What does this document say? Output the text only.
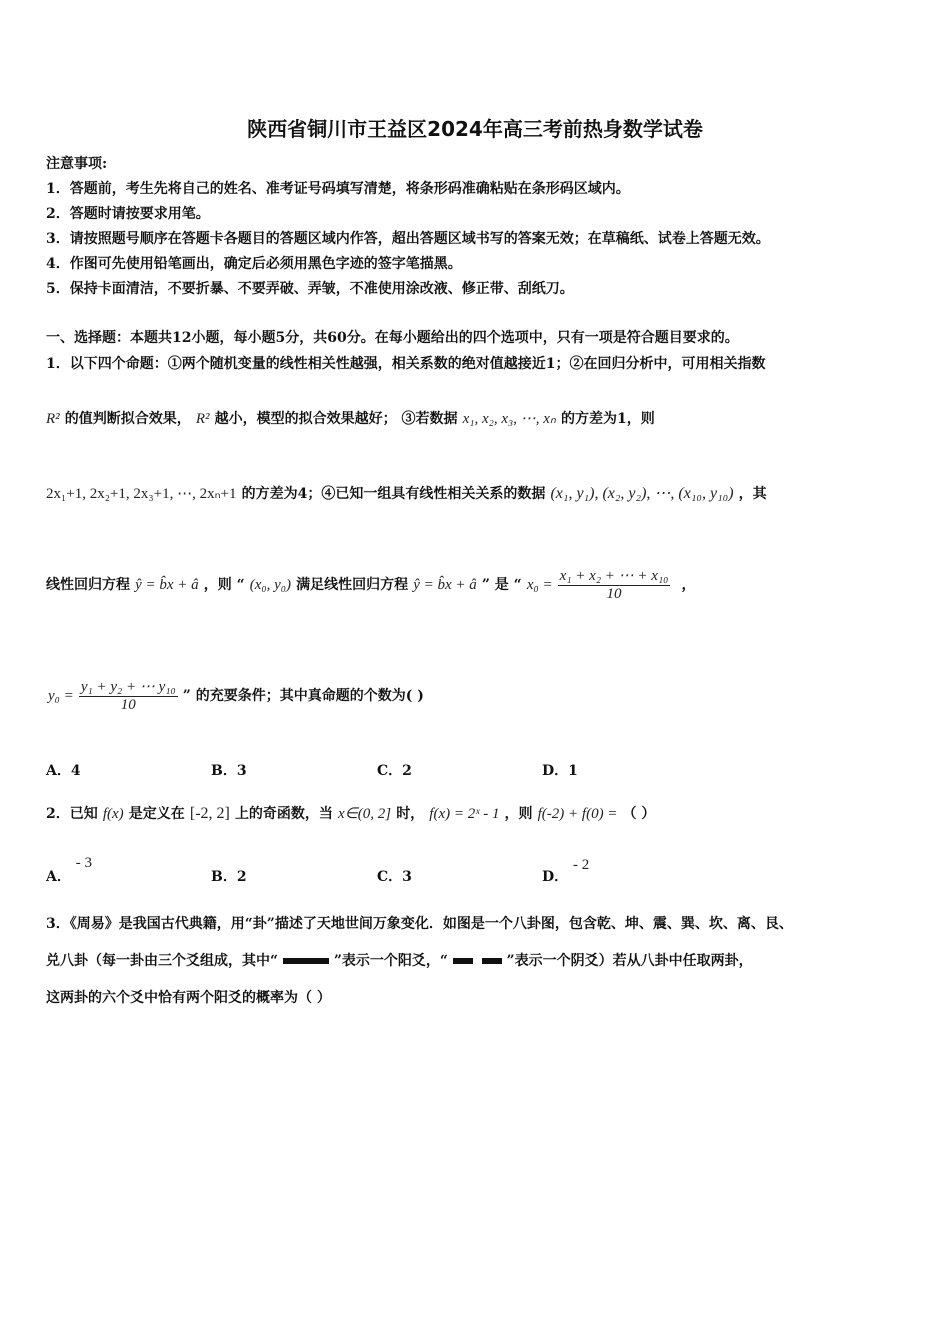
陕西省铜川市王益区2024年高三考前热身数学试卷
注意事项:
1．答题前，考生先将自己的姓名、准考证号码填写清楚，将条形码准确粘贴在条形码区域内。
2．答题时请按要求用笔。
3．请按照题号顺序在答题卡各题目的答题区域内作答，超出答题区域书写的答案无效；在草稿纸、试卷上答题无效。
4．作图可先使用铅笔画出，确定后必须用黑色字迹的签字笔描黑。
5．保持卡面清洁，不要折暴、不要弄破、弄皱，不准使用涂改液、修正带、刮纸刀。
一、选择题：本题共12小题，每小题5分，共60分。在每小题给出的四个选项中，只有一项是符合题目要求的。
1．以下四个命题：①两个随机变量的线性相关性越强，相关系数的绝对值越接近1；②在回归分析中，可用相关指数
R² 的值判断拟合效果， R² 越小，模型的拟合效果越好； ③若数据 x₁, x₂, x₃, ⋯, xₙ 的方差为1，则
2x₁+1, 2x₂+1, 2x₃+1, ⋯, 2xₙ+1 的方差为4；④已知一组具有线性相关关系的数据 (x₁, y₁), (x₂, y₂), ⋯, (x₁₀, y₁₀) ，其
线性回归方程 ŷ = b̂x + â ，则 “ (x₀, y₀) 满足线性回归方程 ŷ = b̂x + â ” 是 “ $x_0 = \frac{\text{x₁ + x₂ + ⋯ + x₁₀}}{10}$ ，
$y_0 = \frac{\text{y₁ + y₂ + ⋯ y₁₀}}{10}$ ” 的充要条件；其中真命题的个数为( )
A．4	B．3	C．2	D．1
2．已知 f(x) 是定义在 [-2, 2] 上的奇函数，当 x∈(0, 2] 时， f(x) = 2ˣ - 1 ，则 f(-2) + f(0) = （ ）
A． - 3
B．2	C．3	D． - 2
3．《周易》是我国古代典籍，用“卦”描述了天地世间万象变化．如图是一个八卦图，包含乾、坤、震、巽、坎、离、艮、
兑八卦（每一卦由三个爻组成，其中“	”表示一个阳爻，“	”表示一个阴爻）若从八卦中任取两卦，
这两卦的六个爻中恰有两个阳爻的概率为（ ）
